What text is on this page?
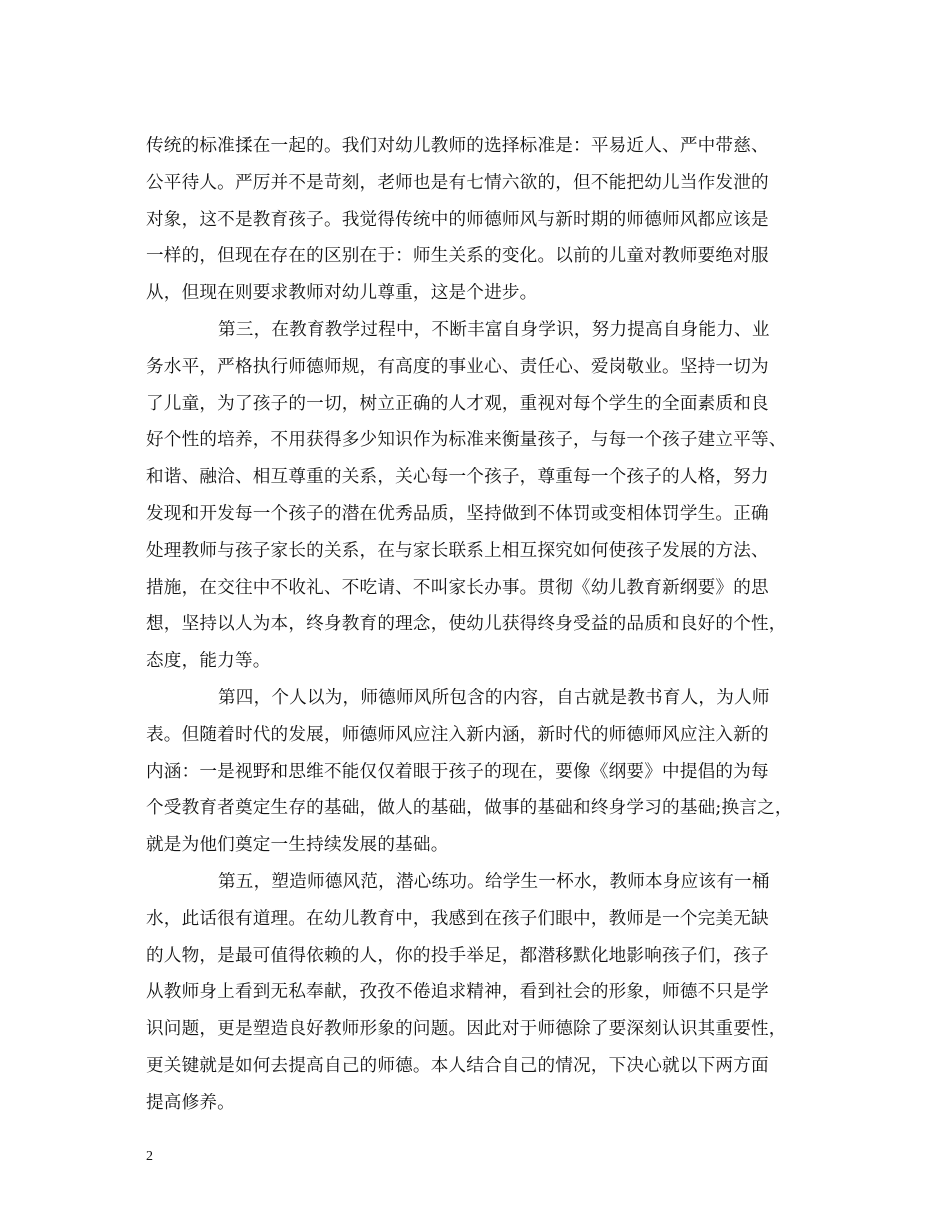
传统的标准揉在一起的。我们对幼儿教师的选择标准是：平易近人、严中带慈、
公平待人。严厉并不是苛刻，老师也是有七情六欲的，但不能把幼儿当作发泄的
对象，这不是教育孩子。我觉得传统中的师德师风与新时期的师德师风都应该是
一样的，但现在存在的区别在于：师生关系的变化。以前的儿童对教师要绝对服
从，但现在则要求教师对幼儿尊重，这是个进步。
第三，在教育教学过程中，不断丰富自身学识，努力提高自身能力、业
务水平，严格执行师德师规，有高度的事业心、责任心、爱岗敬业。坚持一切为
了儿童，为了孩子的一切，树立正确的人才观，重视对每个学生的全面素质和良
好个性的培养，不用获得多少知识作为标准来衡量孩子，与每一个孩子建立平等、
和谐、融洽、相互尊重的关系，关心每一个孩子，尊重每一个孩子的人格，努力
发现和开发每一个孩子的潜在优秀品质，坚持做到不体罚或变相体罚学生。正确
处理教师与孩子家长的关系，在与家长联系上相互探究如何使孩子发展的方法、
措施，在交往中不收礼、不吃请、不叫家长办事。贯彻《幼儿教育新纲要》的思
想，坚持以人为本，终身教育的理念，使幼儿获得终身受益的品质和良好的个性，
态度，能力等。
第四，个人以为，师德师风所包含的内容，自古就是教书育人，为人师
表。但随着时代的发展，师德师风应注入新内涵，新时代的师德师风应注入新的
内涵：一是视野和思维不能仅仅着眼于孩子的现在，要像《纲要》中提倡的为每
个受教育者奠定生存的基础，做人的基础，做事的基础和终身学习的基础;换言之，
就是为他们奠定一生持续发展的基础。
第五，塑造师德风范，潜心练功。给学生一杯水，教师本身应该有一桶
水，此话很有道理。在幼儿教育中，我感到在孩子们眼中，教师是一个完美无缺
的人物，是最可值得依赖的人，你的投手举足，都潜移默化地影响孩子们，孩子
从教师身上看到无私奉献，孜孜不倦追求精神，看到社会的形象，师德不只是学
识问题，更是塑造良好教师形象的问题。因此对于师德除了要深刻认识其重要性，
更关键就是如何去提高自己的师德。本人结合自己的情况，下决心就以下两方面
提高修养。
2
